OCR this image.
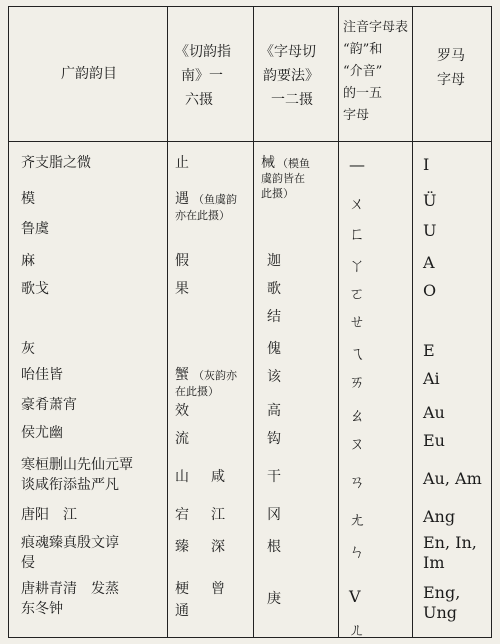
广韵韵目
《切韵指
南》一
六摄
《字母切
韵要法》
一二摄
注音字母表
“韵”和
“介音”
的一五
字母
罗马
字母
齐支脂之微
模
鲁虞
麻
歌戈
灰
咍佳皆
豪肴萧宵
侯尤幽
寒桓删山先仙元覃
谈咸衔添盐严凡
唐阳　江
痕魂臻真殷文谆
侵
唐耕青清　发蒸
东冬钟
止
遇 （鱼虞韵
亦在此摄）
假
果
蟹 （灰韵亦
在此摄）
效
流
山 咸
宕 江
臻 深
梗 曾
通
械 （模鱼
虞韵皆在
此摄）
迦
歌
结
傀
该
高
钩
干
冈
根
庚
—
ㄨ
ㄈ
ㄚ
ㄛ
ㄝ
ㄟ
ㄞ
ㄠ
ㄡ
ㄢ
ㄤ
ㄣ
V
ㄦ
I
Ü
U
A
O
E
Ai
Au
Eu
Au, Am
Ang
En, In,
Im
Eng,
Ung
